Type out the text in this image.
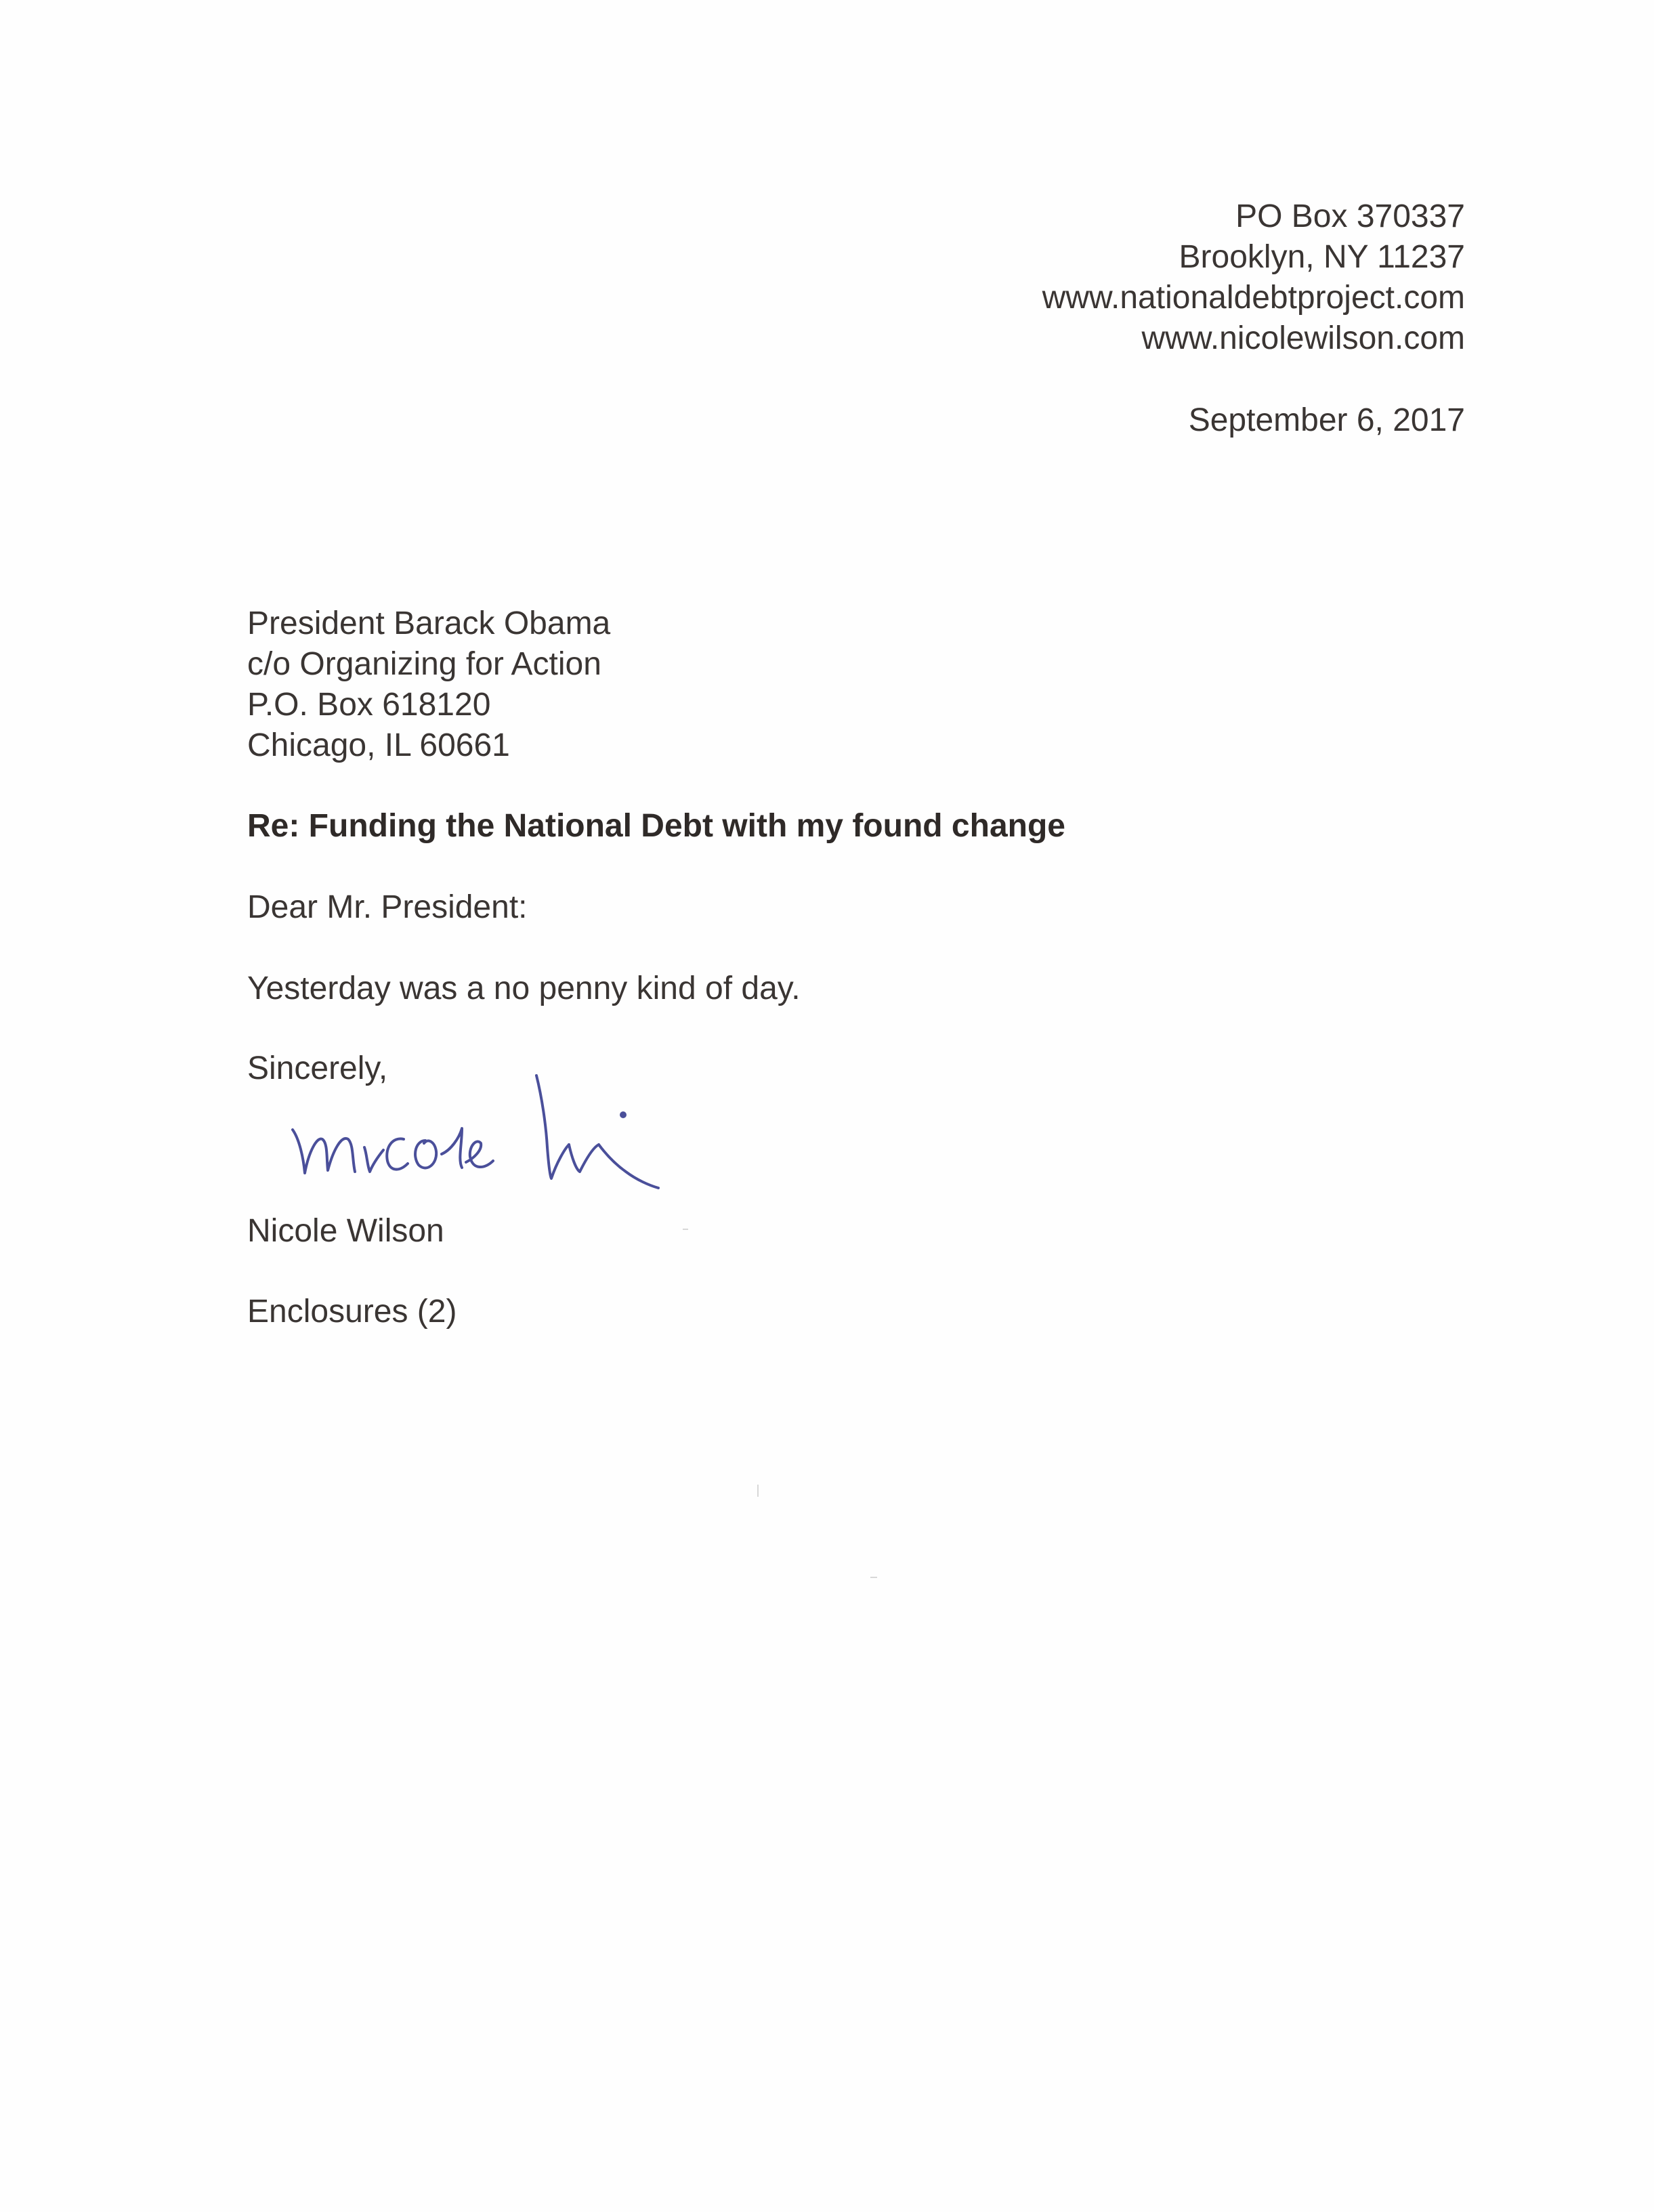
PO Box 370337
Brooklyn, NY 11237
www.nationaldebtproject.com
www.nicolewilson.com
September 6, 2017
President Barack Obama
c/o Organizing for Action
P.O. Box 618120
Chicago, IL 60661
Re: Funding the National Debt with my found change
Dear Mr. President:
Yesterday was a no penny kind of day.
Sincerely,
Nicole Wilson
Enclosures (2)
